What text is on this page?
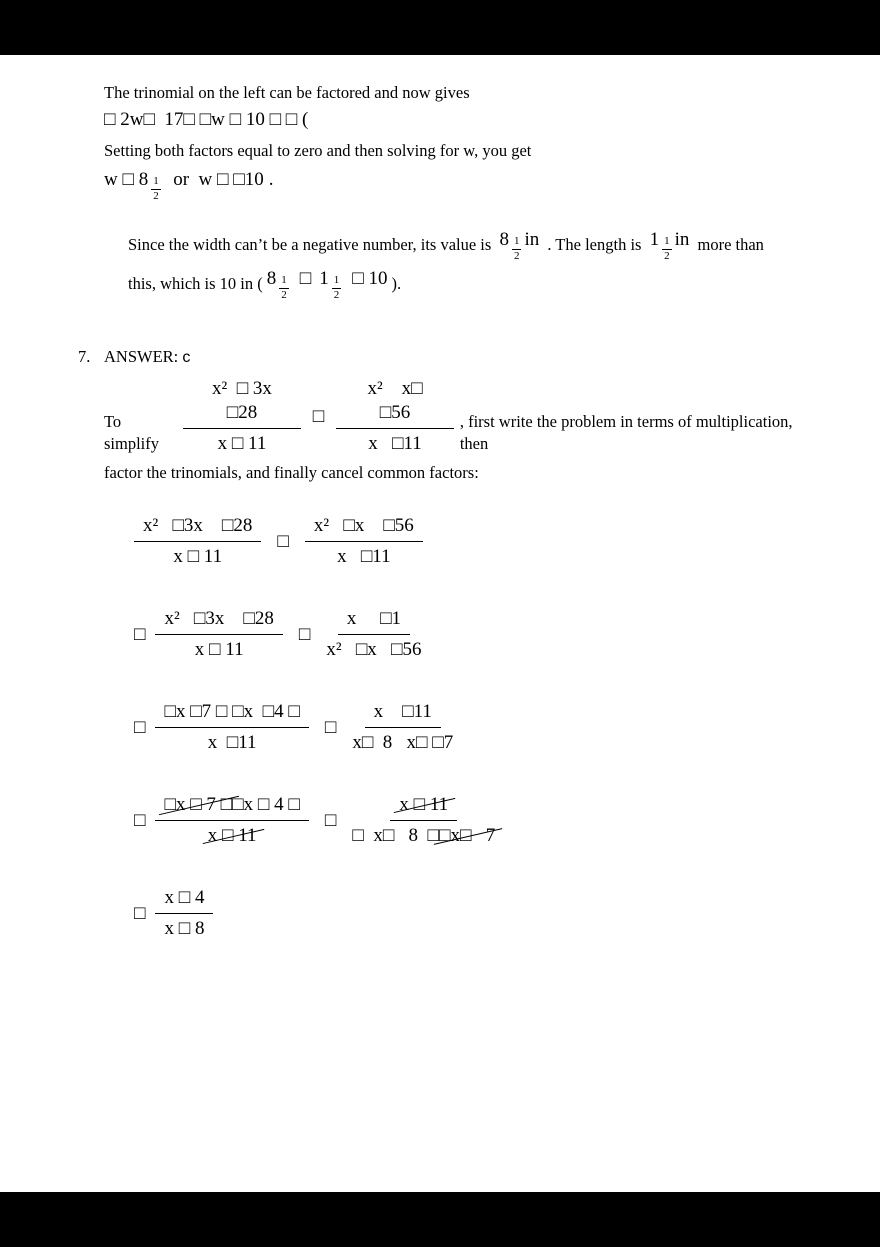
The trinomial on the left can be factored and now gives

□ 2w□  17□ □w □ 10 □ □ (

Setting both factors equal to zero and then solving for w, you get

w □ $8 \frac{1}{2}$ or  w □ □10 .

Since the width can’t be a negative number, its value is $8 \frac{1}{2}$ in . The length is $1 \frac{1}{2}$ in more than

this, which is 10 in ( $8 \frac{1}{2}$ □ $1 \frac{1}{2}$ □ 10 ).

7. ANSWER: c
To simplify	$\frac{\text{x²  □ 3x   □28}}{x □ 11}$ □ $\frac{\text{x²    x□    □56}}{x □11}$ , first write the problem in terms of multiplication, then

factor the trinomials, and finally cancel common factors:

$\frac{\text{x²   □3x    □28}}{x □ 11}$ □ $\frac{\text{x²   □x    □56}}{x □11}$
□ $\frac{\text{x²   □3x    □28}}{x □ 11}$ □ $\frac{x □1}{\text{x²   □x   □56}}$
□ $\frac{□x □7 □ □x □4 □}{x □11}$ □ $\frac{x □11}{x□ 8 x□ □7}$
□ $\frac{□x □ 7 □□x □ 4 □}{x □ 11}$ □ $\frac{x □ 11}{□ x□ 8 □□x□ 7}$
□ $\frac{x □ 4}{x □ 8}$
